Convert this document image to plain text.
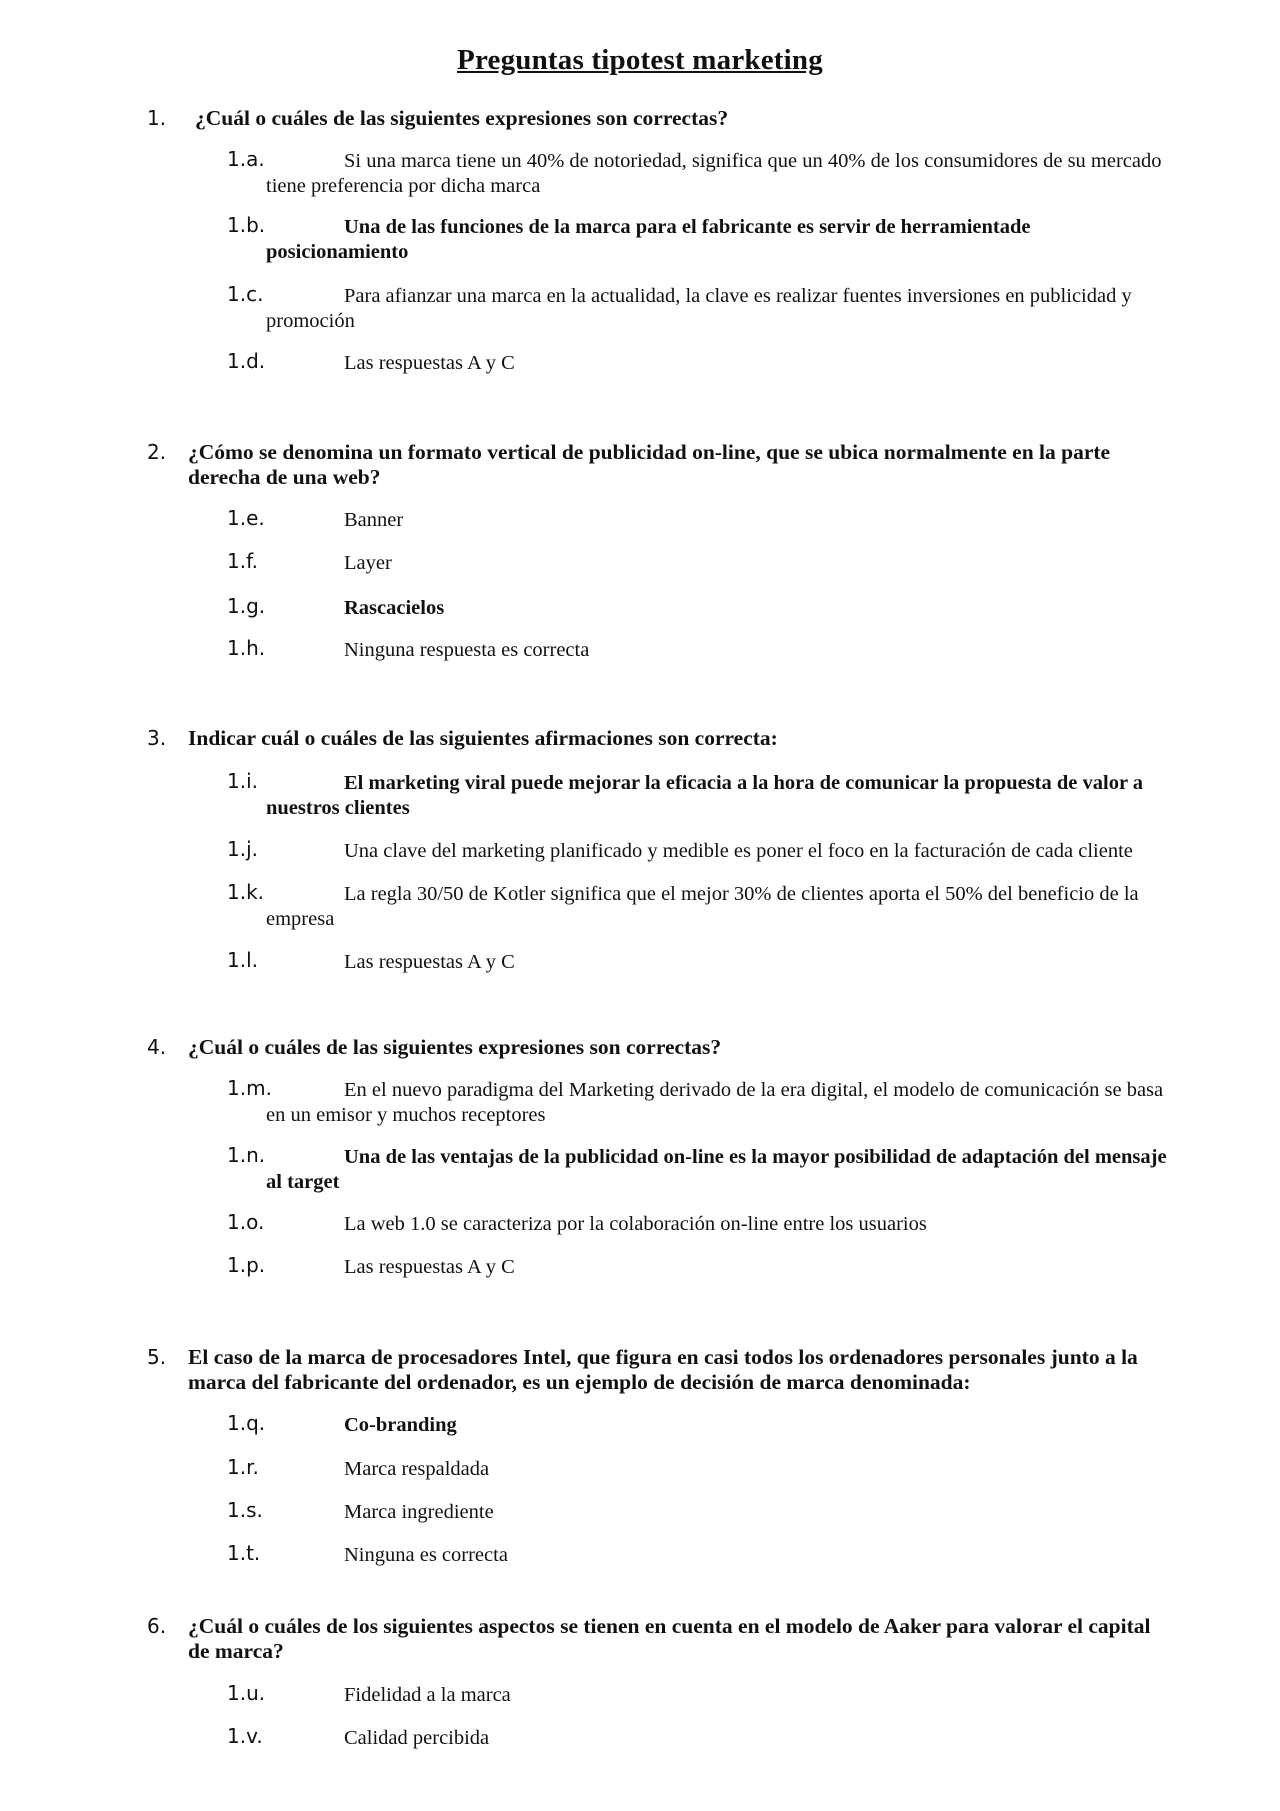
Preguntas tipotest marketing
1. ¿Cuál o cuáles de las siguientes expresiones son correctas?
1.a.	Si una marca tiene un 40% de notoriedad, significa que un 40% de los consumidores de su mercado tiene preferencia por dicha marca
1.b.	Una de las funciones de la marca para el fabricante es servir de herramientade posicionamiento
1.c.	Para afianzar una marca en la actualidad, la clave es realizar fuentes inversiones en publicidad y promoción
1.d.	Las respuestas A y C
2. ¿Cómo se denomina un formato vertical de publicidad on-line, que se ubica normalmente en la parte derecha de una web?
1.e.	Banner
1.f.	Layer
1.g.	Rascacielos
1.h.	Ninguna respuesta es correcta
3. Indicar cuál o cuáles de las siguientes afirmaciones son correcta:
1.i.	El marketing viral puede mejorar la eficacia a la hora de comunicar la propuesta de valor a nuestros clientes
1.j.	Una clave del marketing planificado y medible es poner el foco en la facturación de cada cliente
1.k.	La regla 30/50 de Kotler significa que el mejor 30% de clientes aporta el 50% del beneficio de la empresa
1.l.	Las respuestas A y C
4. ¿Cuál o cuáles de las siguientes expresiones son correctas?
1.m.	En el nuevo paradigma del Marketing derivado de la era digital, el modelo de comunicación se basa en un emisor y muchos receptores
1.n.	Una de las ventajas de la publicidad on-line es la mayor posibilidad de adaptación del mensaje al target
1.o.	La web 1.0 se caracteriza por la colaboración on-line entre los usuarios
1.p.	Las respuestas A y C
5. El caso de la marca de procesadores Intel, que figura en casi todos los ordenadores personales junto a la marca del fabricante del ordenador, es un ejemplo de decisión de marca denominada:
1.q.	Co-branding
1.r.	Marca respaldada
1.s.	Marca ingrediente
1.t.	Ninguna es correcta
6. ¿Cuál o cuáles de los siguientes aspectos se tienen en cuenta en el modelo de Aaker para valorar el capital de marca?
1.u.	Fidelidad a la marca
1.v.	Calidad percibida
